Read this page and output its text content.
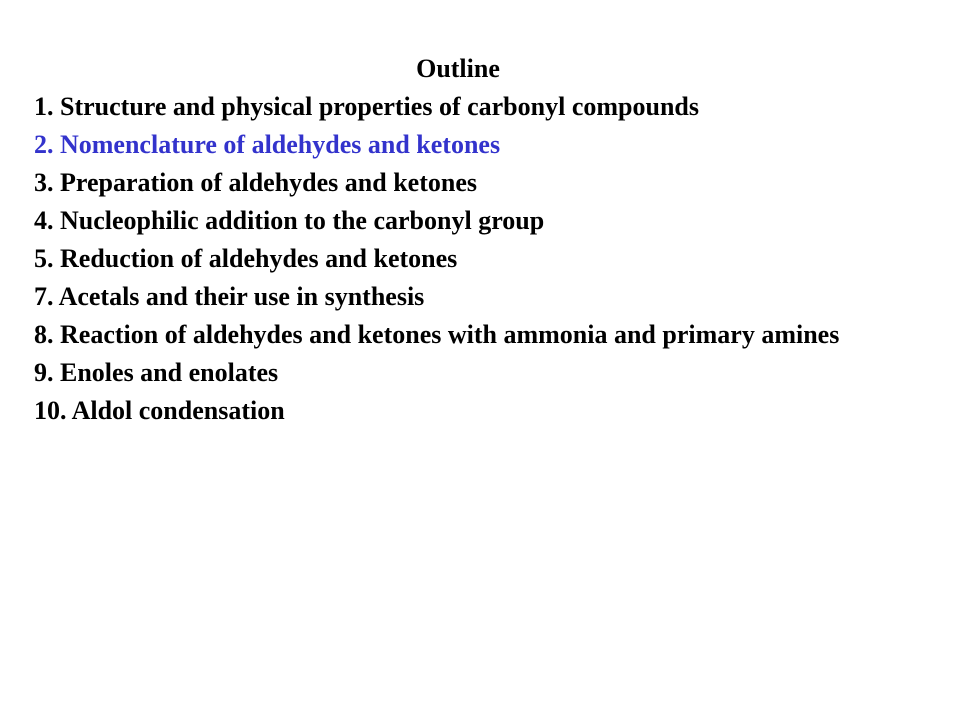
Outline
1. Structure and physical properties of carbonyl compounds
2. Nomenclature of aldehydes and ketones
3. Preparation of aldehydes and ketones
4. Nucleophilic addition to the carbonyl group
5. Reduction of aldehydes and ketones
7. Acetals and their use in synthesis
8. Reaction of aldehydes and ketones with ammonia and primary amines
9. Enoles and enolates
10. Aldol condensation
